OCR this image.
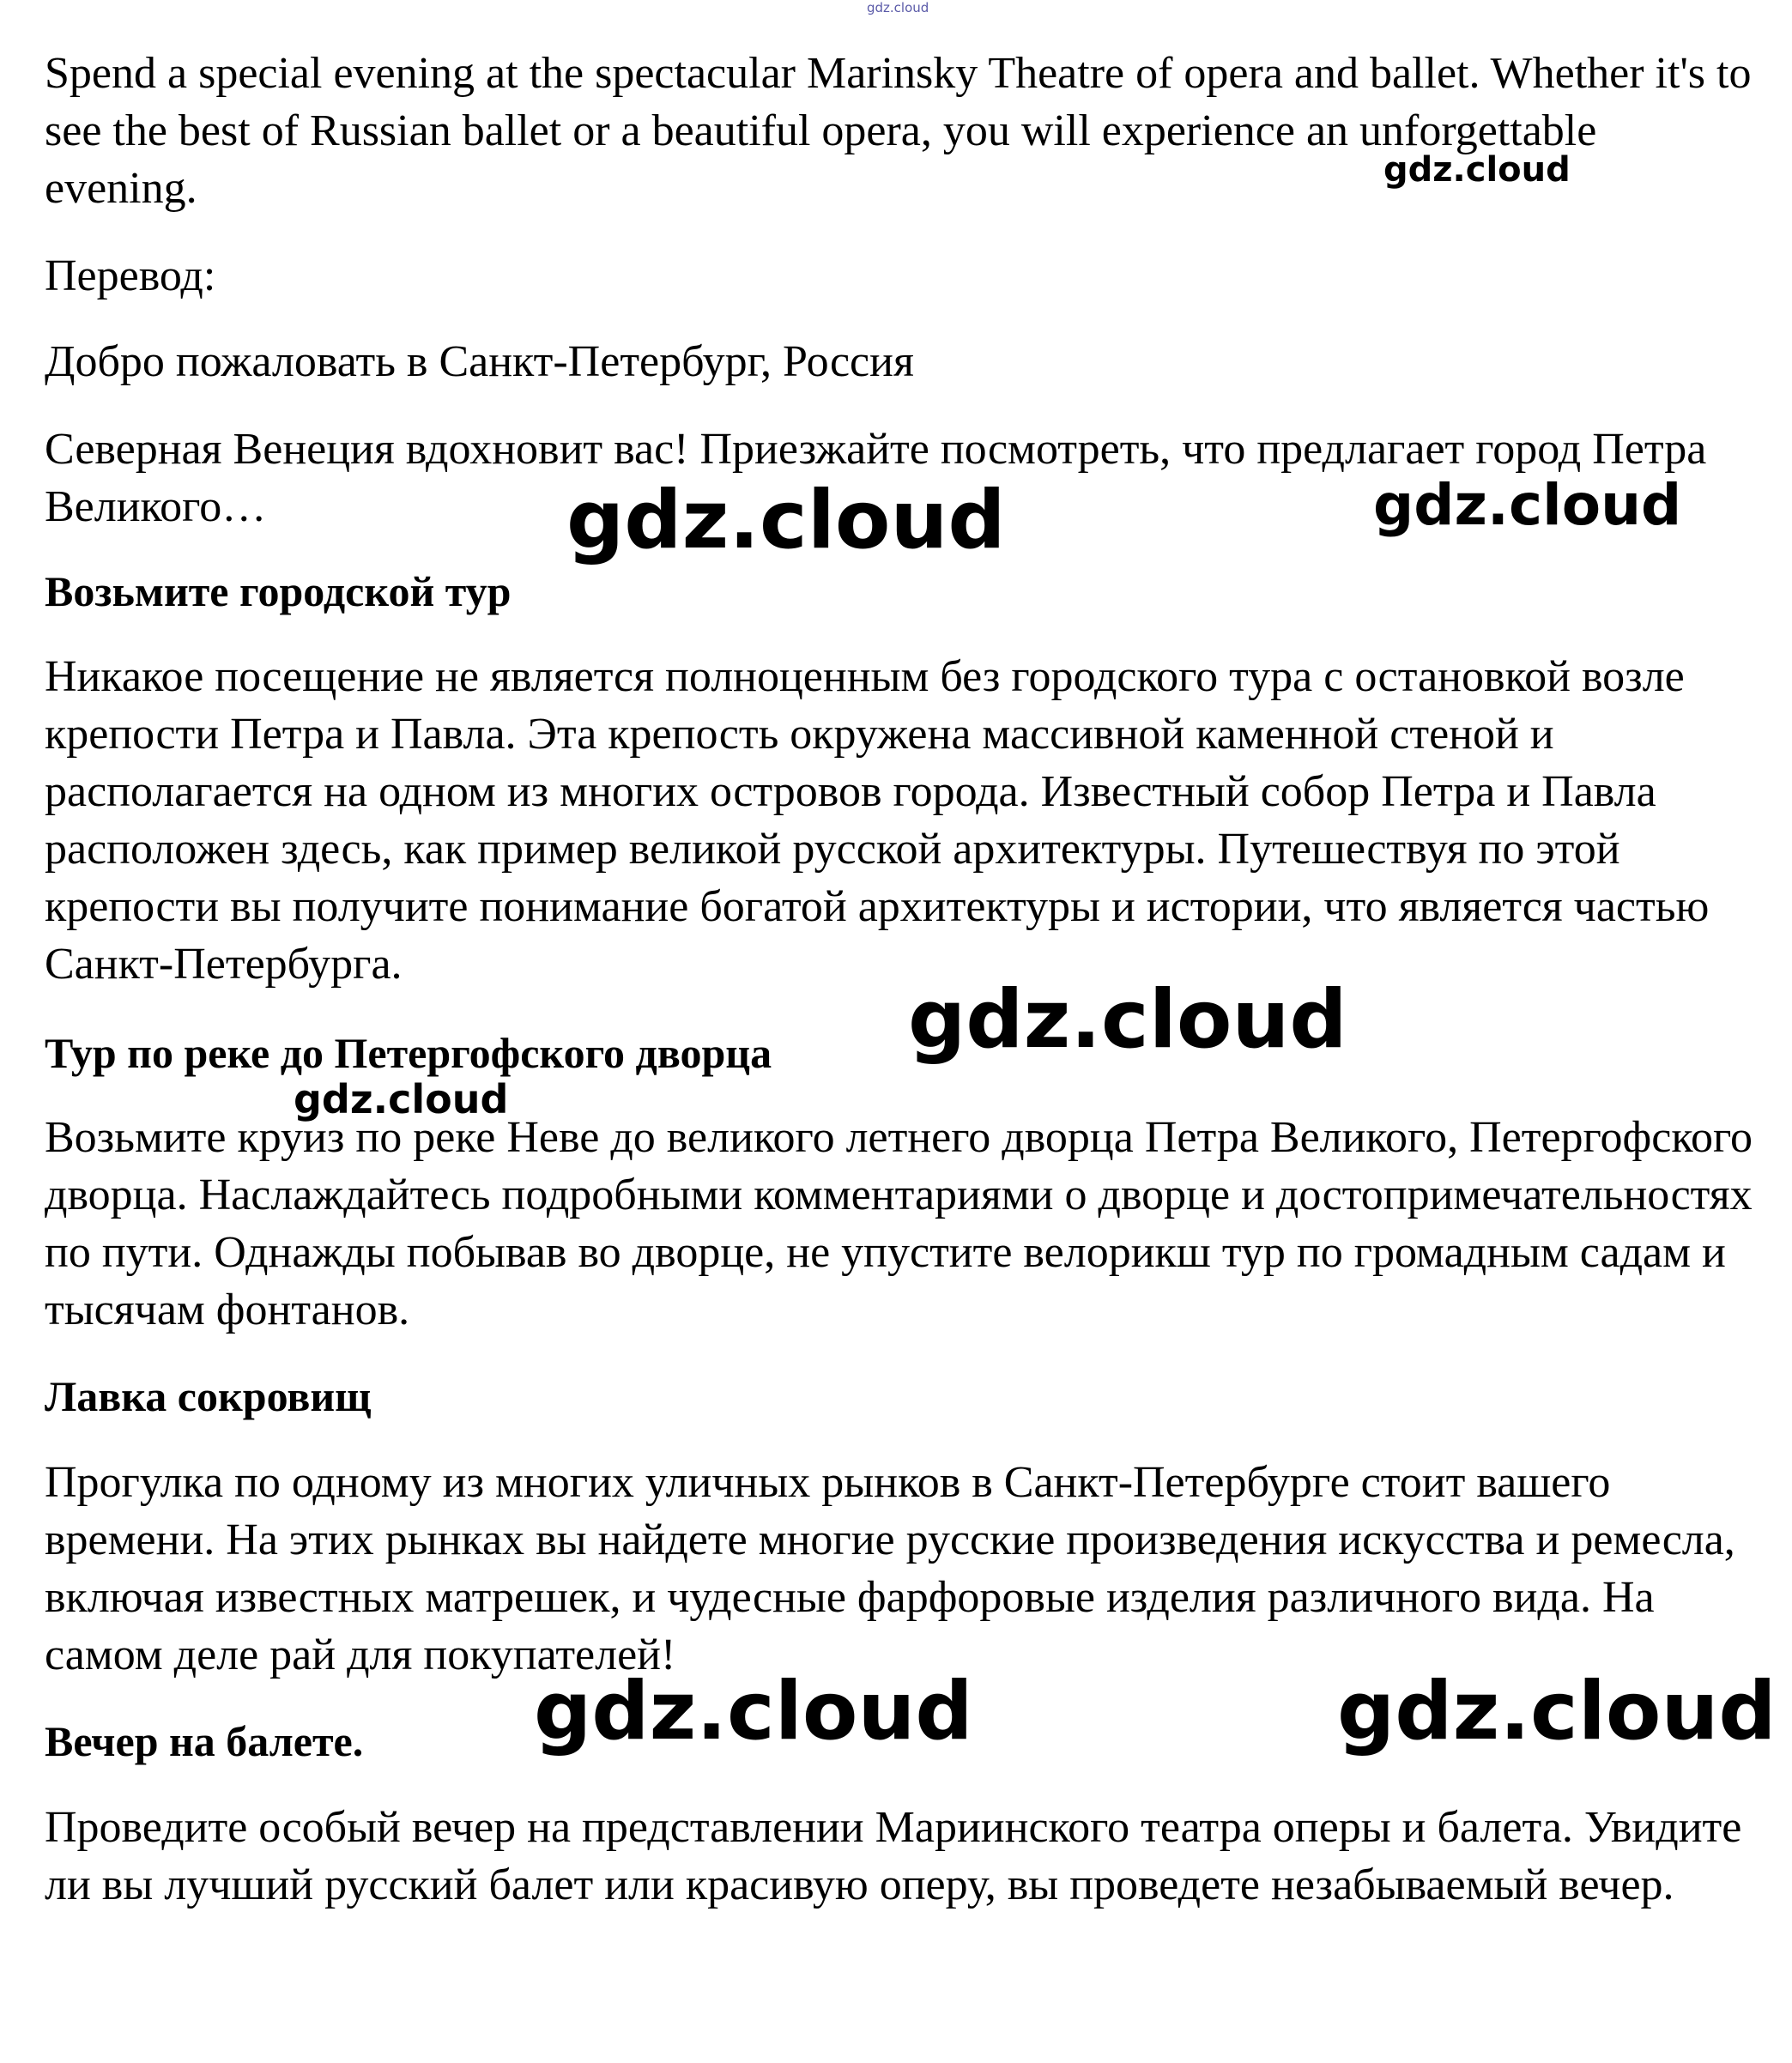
gdz.cloud

Spend a special evening at the spectacular Marinsky Theatre of opera and ballet. Whether it's to see the best of Russian ballet or a beautiful opera, you will experience an unforgettable evening.

Перевод:

Добро пожаловать в Санкт-Петербург, Россия

Северная Венеция вдохновит вас! Приезжайте посмотреть, что предлагает город Петра Великого…

Возьмите городской тур

Никакое посещение не является полноценным без городского тура с остановкой возле крепости Петра и Павла. Эта крепость окружена массивной каменной стеной и располагается на одном из многих островов города. Известный собор Петра и Павла расположен здесь, как пример великой русской архитектуры. Путешествуя по этой крепости вы получите понимание богатой архитектуры и истории, что является частью Санкт-Петербурга.

Тур по реке до Петергофского дворца

Возьмите круиз по реке Неве до великого летнего дворца Петра Великого, Петергофского дворца. Наслаждайтесь подробными комментариями о дворце и достопримечательностях по пути. Однажды побывав во дворце, не упустите велорикш тур по громадным садам и тысячам фонтанов.

Лавка сокровищ

Прогулка по одному из многих уличных рынков в Санкт-Петербурге стоит вашего времени. На этих рынках вы найдете многие русские произведения искусства и ремесла, включая известных матрешек, и чудесные фарфоровые изделия различного вида. На самом деле рай для покупателей!

Вечер на балете.

Проведите особый вечер на представлении Мариинского театра оперы и балета. Увидите ли вы лучший русский балет или красивую оперу, вы проведете незабываемый вечер.

gdz.cloud
gdz.cloud	gdz.cloud
gdz.cloud
gdz.cloud
gdz.cloud	gdz.cloud
